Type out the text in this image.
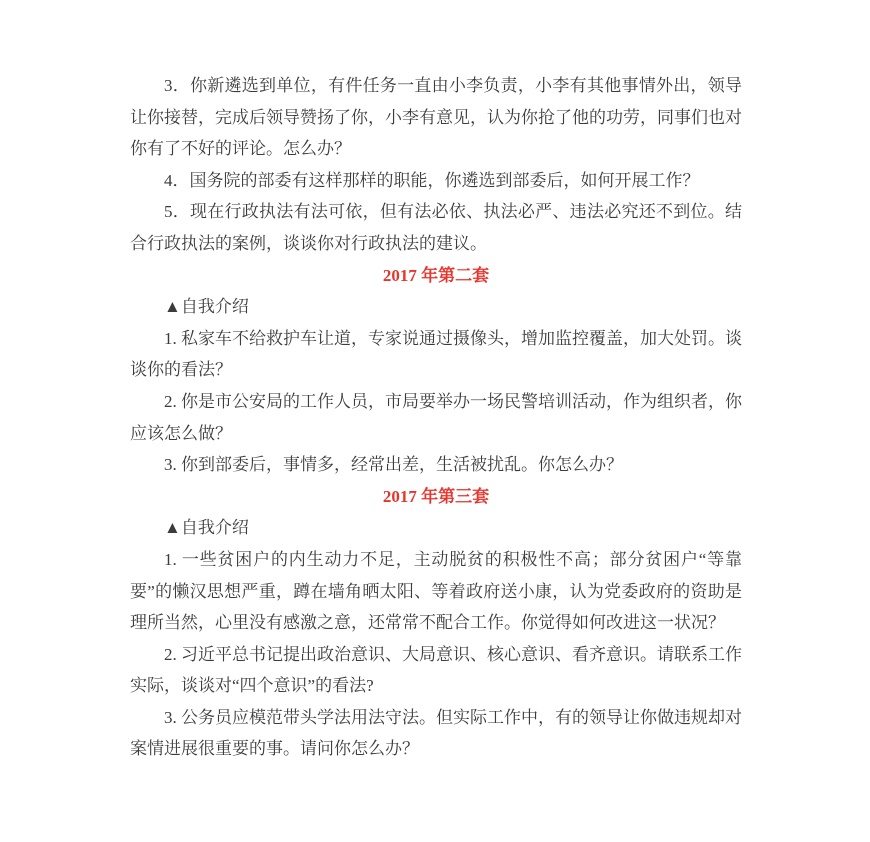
3．你新遴选到单位，有件任务一直由小李负责，小李有其他事情外出，领导让你接替，完成后领导赞扬了你，小李有意见，认为你抢了他的功劳，同事们也对你有了不好的评论。怎么办？
4．国务院的部委有这样那样的职能，你遴选到部委后，如何开展工作？
5．现在行政执法有法可依，但有法必依、执法必严、违法必究还不到位。结合行政执法的案例，谈谈你对行政执法的建议。
2017 年第二套
▲自我介绍
1. 私家车不给救护车让道，专家说通过摄像头，增加监控覆盖，加大处罚。谈谈你的看法？
2. 你是市公安局的工作人员，市局要举办一场民警培训活动，作为组织者，你应该怎么做？
3. 你到部委后，事情多，经常出差，生活被扰乱。你怎么办？
2017 年第三套
▲自我介绍
1. 一些贫困户的内生动力不足，主动脱贫的积极性不高；部分贫困户“等靠要”的懒汉思想严重，蹲在墙角晒太阳、等着政府送小康，认为党委政府的资助是理所当然，心里没有感激之意，还常常不配合工作。你觉得如何改进这一状况？
2. 习近平总书记提出政治意识、大局意识、核心意识、看齐意识。请联系工作实际，谈谈对“四个意识”的看法?
3. 公务员应模范带头学法用法守法。但实际工作中，有的领导让你做违规却对案情进展很重要的事。请问你怎么办？
